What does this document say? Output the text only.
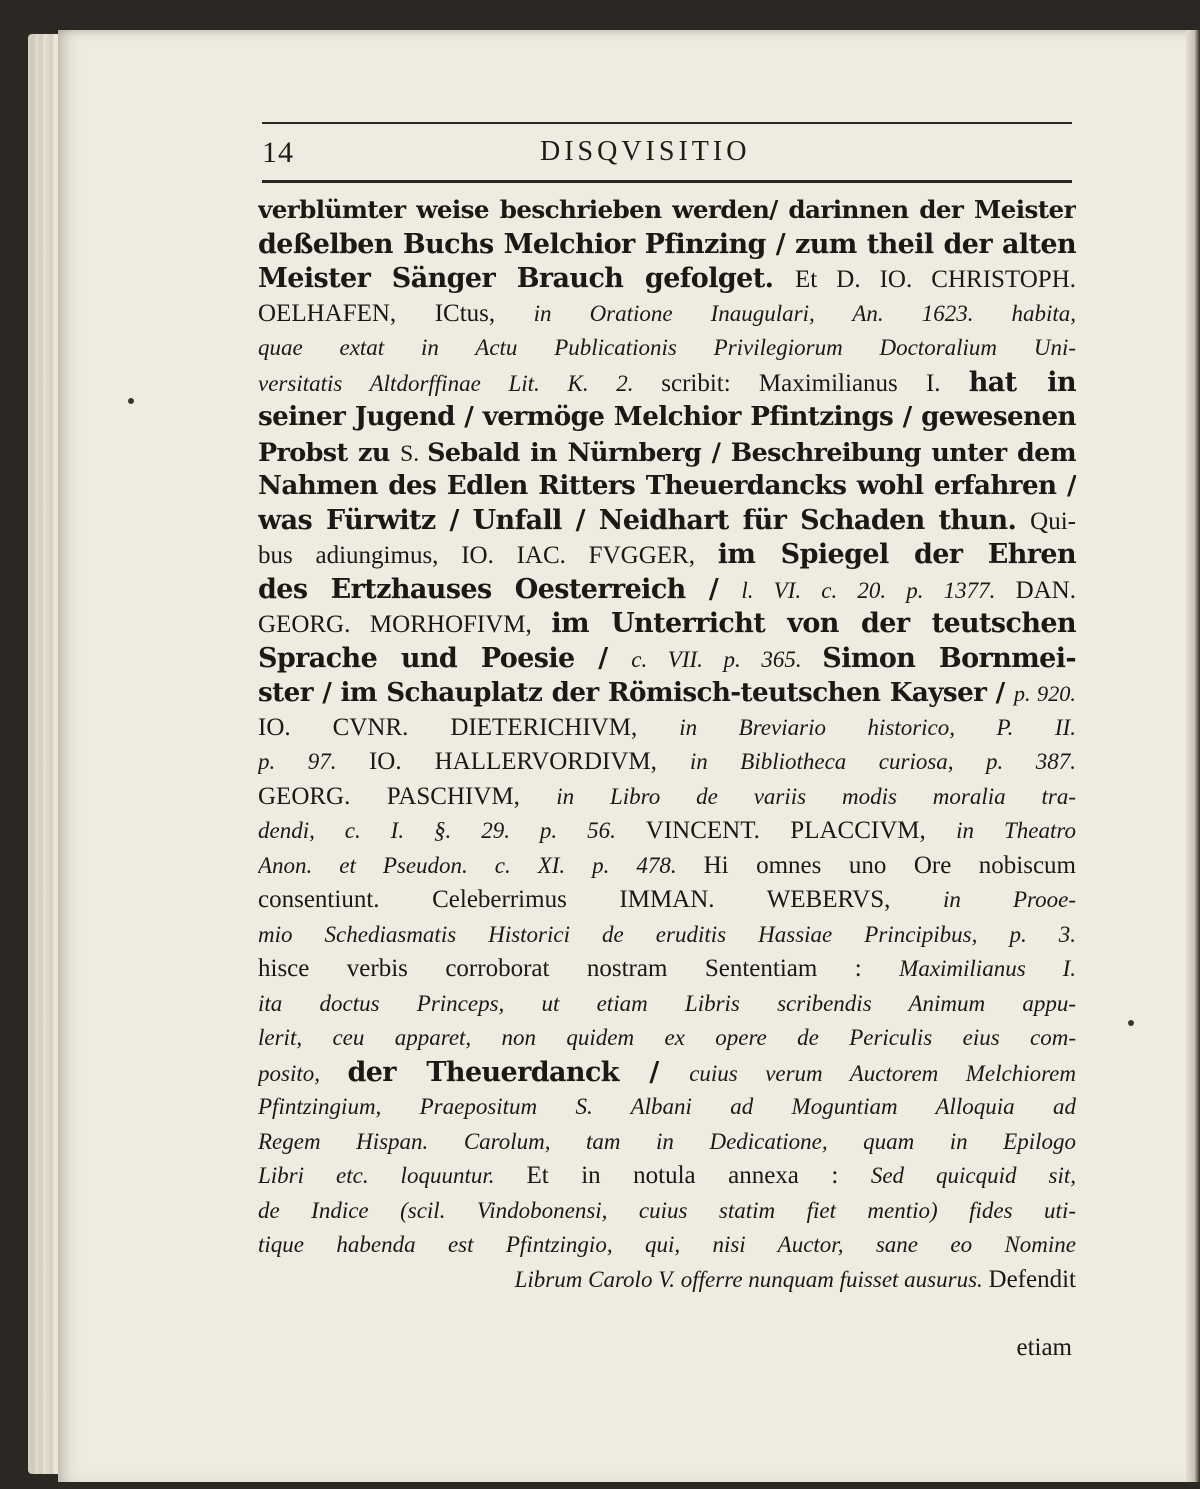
14	DISQVISITIO
verblümter weise beschrieben werden/ darinnen der Meister
deßelben Buchs Melchior Pfinzing / zum theil der alten
Meister Sänger Brauch gefolget. Et D. IO. CHRISTOPH.
OELHAFEN, ICtus, in Oratione Inaugulari, An. 1623. habita,
quae extat in Actu Publicationis Privilegiorum Doctoralium Uni-
versitatis Altdorffinae Lit. K. 2. scribit: Maximilianus I. hat in
seiner Jugend / vermöge Melchior Pfintzings / gewesenen
Probst zu S. Sebald in Nürnberg / Beschreibung unter dem
Nahmen des Edlen Ritters Theuerdancks wohl erfahren /
was Fürwitz / Unfall / Neidhart für Schaden thun. Qui-
bus adiungimus, IO. IAC. FVGGER, im Spiegel der Ehren
des Ertzhauses Oesterreich / l. VI. c. 20. p. 1377. DAN.
GEORG. MORHOFIVM, im Unterricht von der teutschen
Sprache und Poesie / c. VII. p. 365. Simon Bornmei-
ster / im Schauplatz der Römisch-teutschen Kayser / p. 920.
IO. CVNR. DIETERICHIVM, in Breviario historico, P. II.
p. 97. IO. HALLERVORDIVM, in Bibliotheca curiosa, p. 387.
GEORG. PASCHIVM, in Libro de variis modis moralia tra-
dendi, c. I. §. 29. p. 56. VINCENT. PLACCIVM, in Theatro
Anon. et Pseudon. c. XI. p. 478. Hi omnes uno Ore nobiscum
consentiunt. Celeberrimus IMMAN. WEBERVS, in Prooe-
mio Schediasmatis Historici de eruditis Hassiae Principibus, p. 3.
hisce verbis corroborat nostram Sententiam : Maximilianus I.
ita doctus Princeps, ut etiam Libris scribendis Animum appu-
lerit, ceu apparet, non quidem ex opere de Periculis eius com-
posito, der Theuerdanck / cuius verum Auctorem Melchiorem
Pfintzingium, Praepositum S. Albani ad Moguntiam Alloquia ad
Regem Hispan. Carolum, tam in Dedicatione, quam in Epilogo
Libri etc. loquuntur. Et in notula annexa : Sed quicquid sit,
de Indice (scil. Vindobonensi, cuius statim fiet mentio) fides uti-
tique habenda est Pfintzingio, qui, nisi Auctor, sane eo Nomine
Librum Carolo V. offerre nunquam fuisset ausurus. Defendit
etiam
